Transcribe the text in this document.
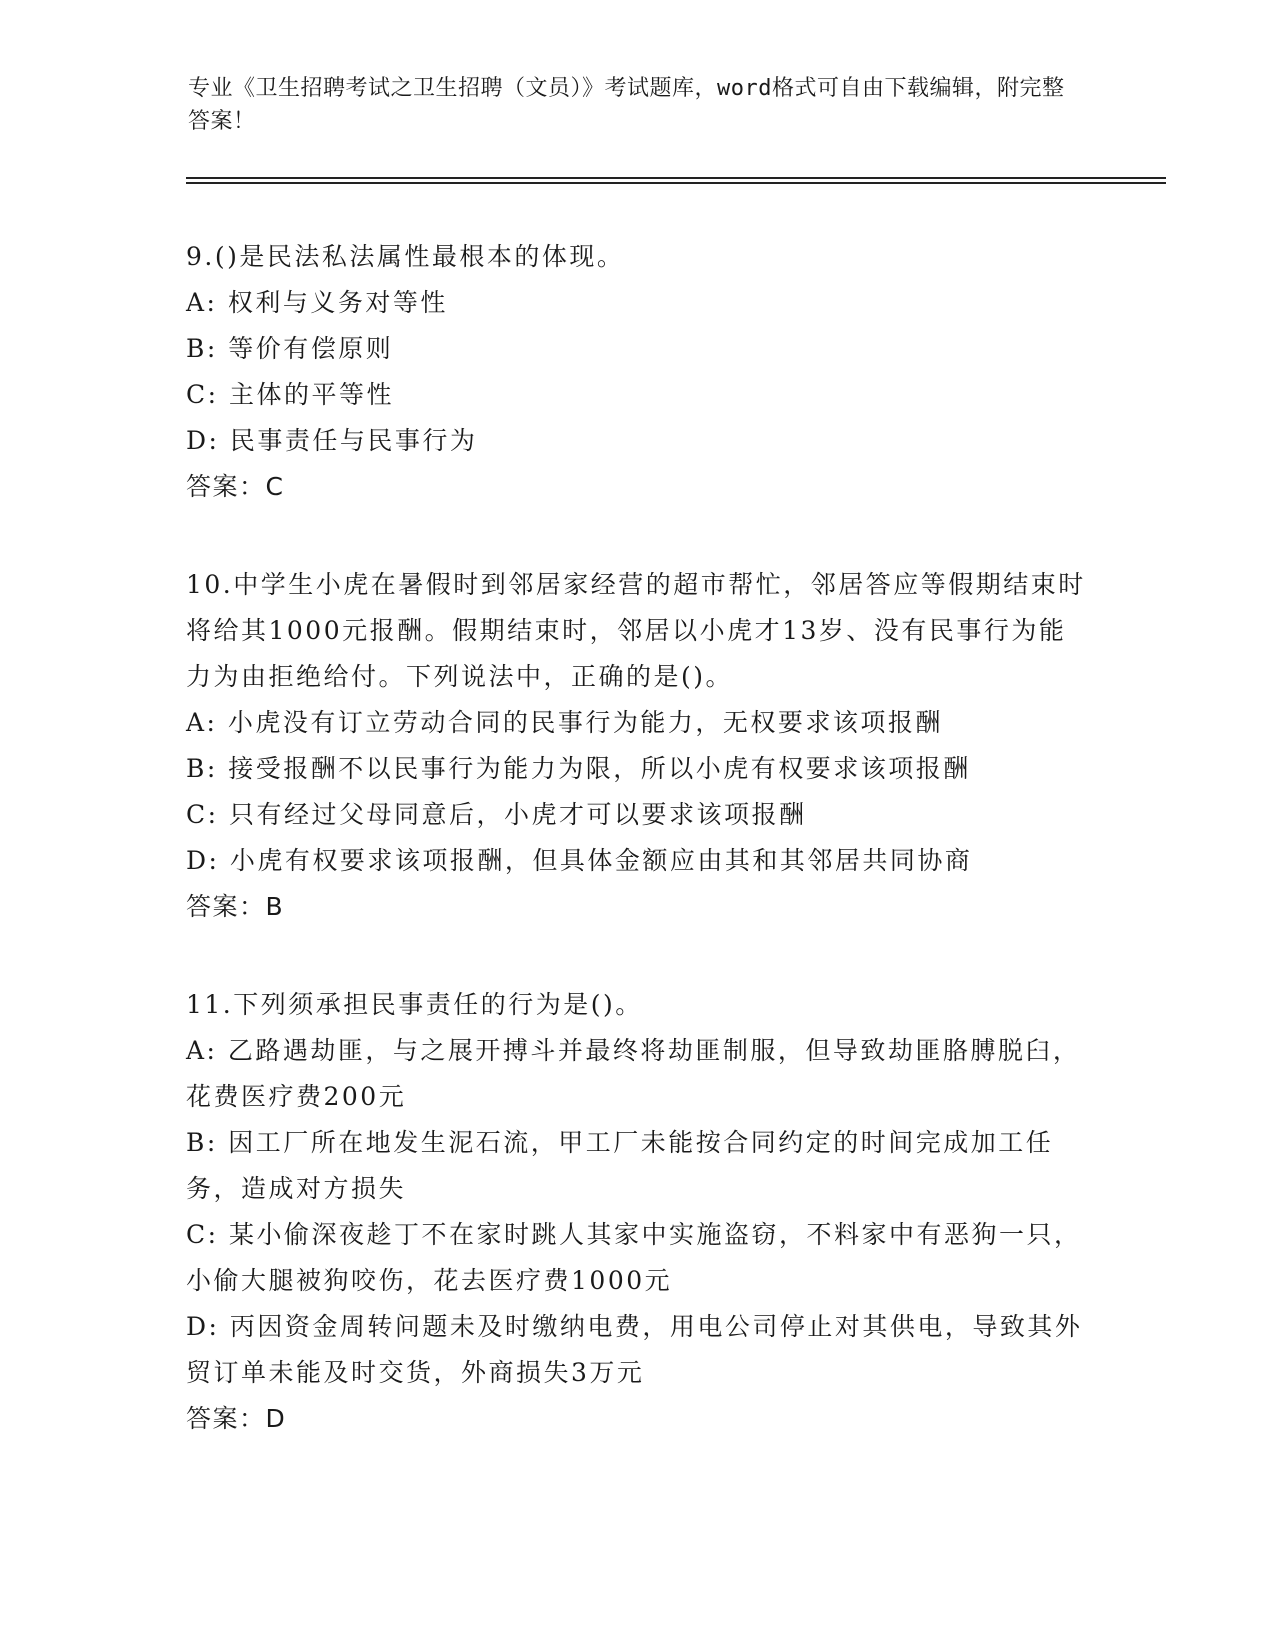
专业《卫生招聘考试之卫生招聘（文员）》考试题库，word格式可自由下载编辑，附完整答案！

9.()是民法私法属性最根本的体现。

A: 权利与义务对等性

B: 等价有偿原则

C: 主体的平等性

D: 民事责任与民事行为

答案：C

10.中学生小虎在暑假时到邻居家经营的超市帮忙，邻居答应等假期结束时将给其1000元报酬。假期结束时，邻居以小虎才13岁、没有民事行为能力为由拒绝给付。下列说法中，正确的是()。

A: 小虎没有订立劳动合同的民事行为能力，无权要求该项报酬

B: 接受报酬不以民事行为能力为限，所以小虎有权要求该项报酬

C: 只有经过父母同意后，小虎才可以要求该项报酬

D: 小虎有权要求该项报酬，但具体金额应由其和其邻居共同协商

答案：B

11.下列须承担民事责任的行为是()。

A: 乙路遇劫匪，与之展开搏斗并最终将劫匪制服，但导致劫匪胳膊脱臼，花费医疗费200元

B: 因工厂所在地发生泥石流，甲工厂未能按合同约定的时间完成加工任务，造成对方损失

C: 某小偷深夜趁丁不在家时跳人其家中实施盗窃，不料家中有恶狗一只，小偷大腿被狗咬伤，花去医疗费1000元

D: 丙因资金周转问题未及时缴纳电费，用电公司停止对其供电，导致其外贸订单未能及时交货，外商损失3万元

答案：D
